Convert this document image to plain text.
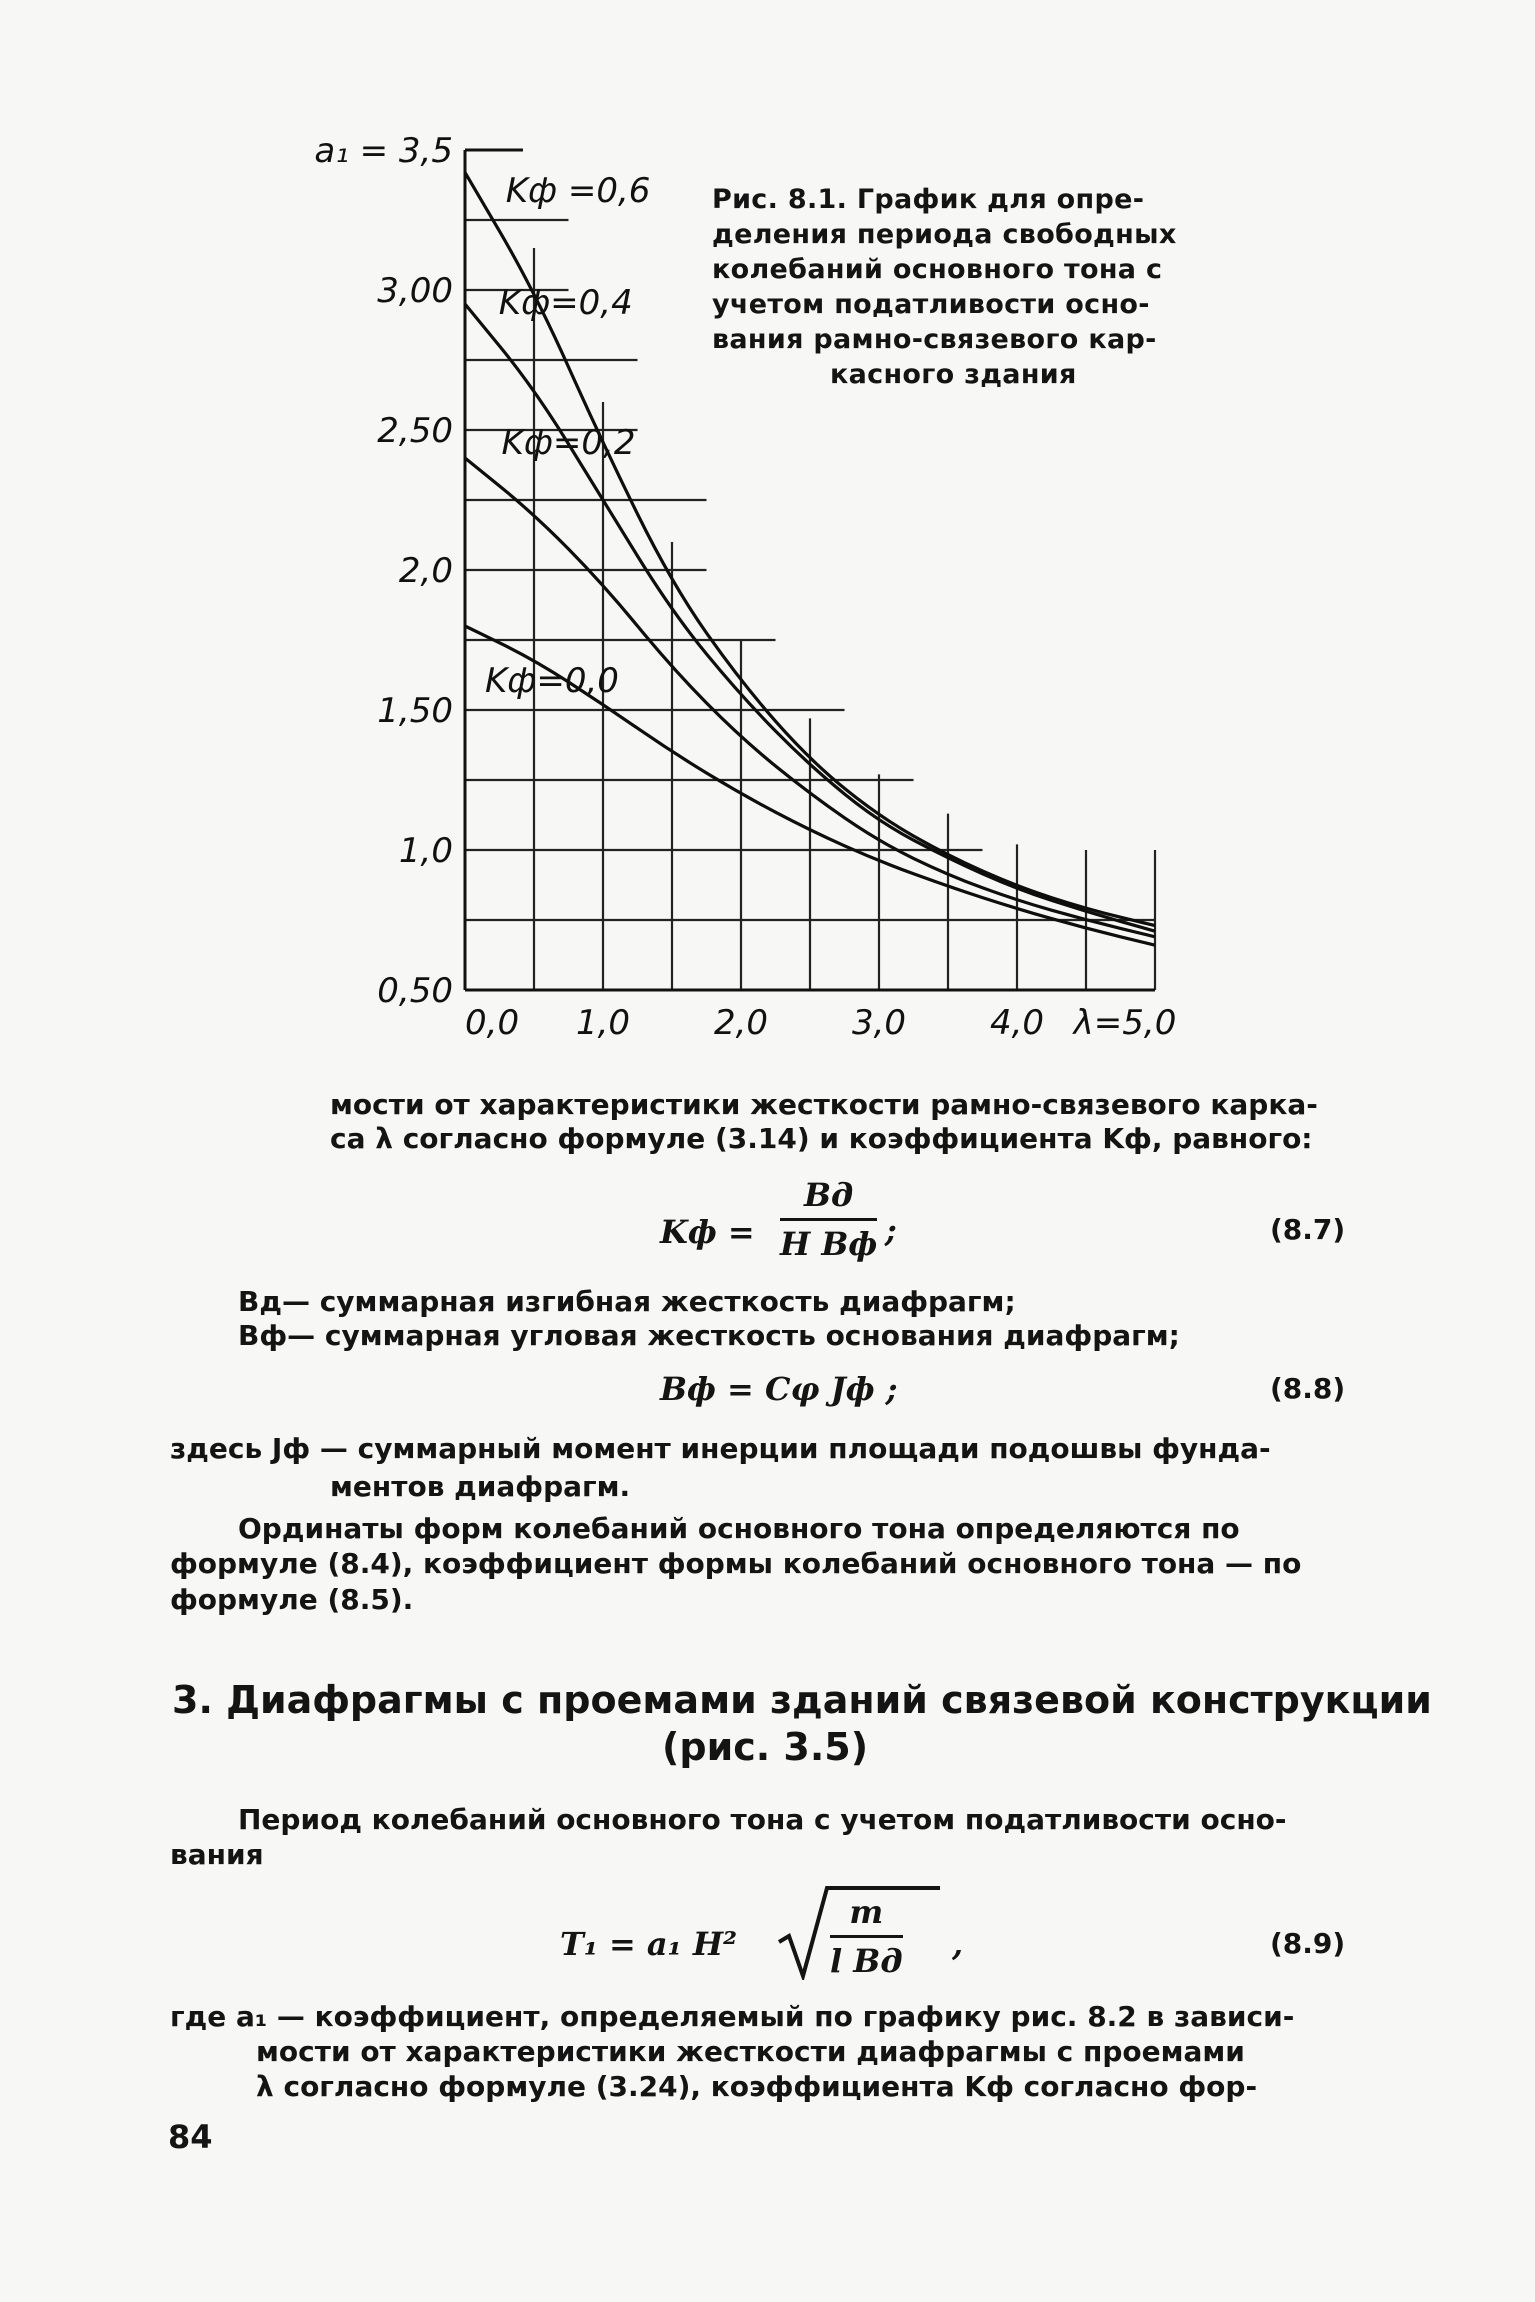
a₁ = 3,5
3,00
2,50
2,0
1,50
1,0
0,50
0,0 1,0 2,0 3,0 4,0 λ=5,0
Kф =0,6
Kф=0,4
Kф=0,2
Kф=0,0
Рис. 8.1. График для опре-
деления периода свободных
колебаний основного тона с
учетом податливости осно-
вания рамно-связевого кар-
касного здания
мости от характеристики жесткости рамно-связевого карка-
са λ согласно формуле (3.14) и коэффициента Kф, равного:
Kф =
Bд
H Bф ;	(8.7)
Bд— суммарная изгибная жесткость диафрагм;
Bф— суммарная угловая жесткость основания диафрагм;
Bф = Cφ Jф ;	(8.8)
здесь Jф — суммарный момент инерции площади подошвы фунда-
ментов диафрагм.
Ординаты форм колебаний основного тона определяются по
формуле (8.4), коэффициент формы колебаний основного тона — по
формуле (8.5).
3. Диафрагмы с проемами зданий связевой конструкции
(рис. 3.5)
Период колебаний основного тона с учетом податливости осно-
вания
T₁ = a₁ H²
m
l Bд ,	(8.9)
где a₁ — коэффициент, определяемый по графику рис. 8.2 в зависи-
мости от характеристики жесткости диафрагмы с проемами
λ согласно формуле (3.24), коэффициента Kф согласно фор-
84
